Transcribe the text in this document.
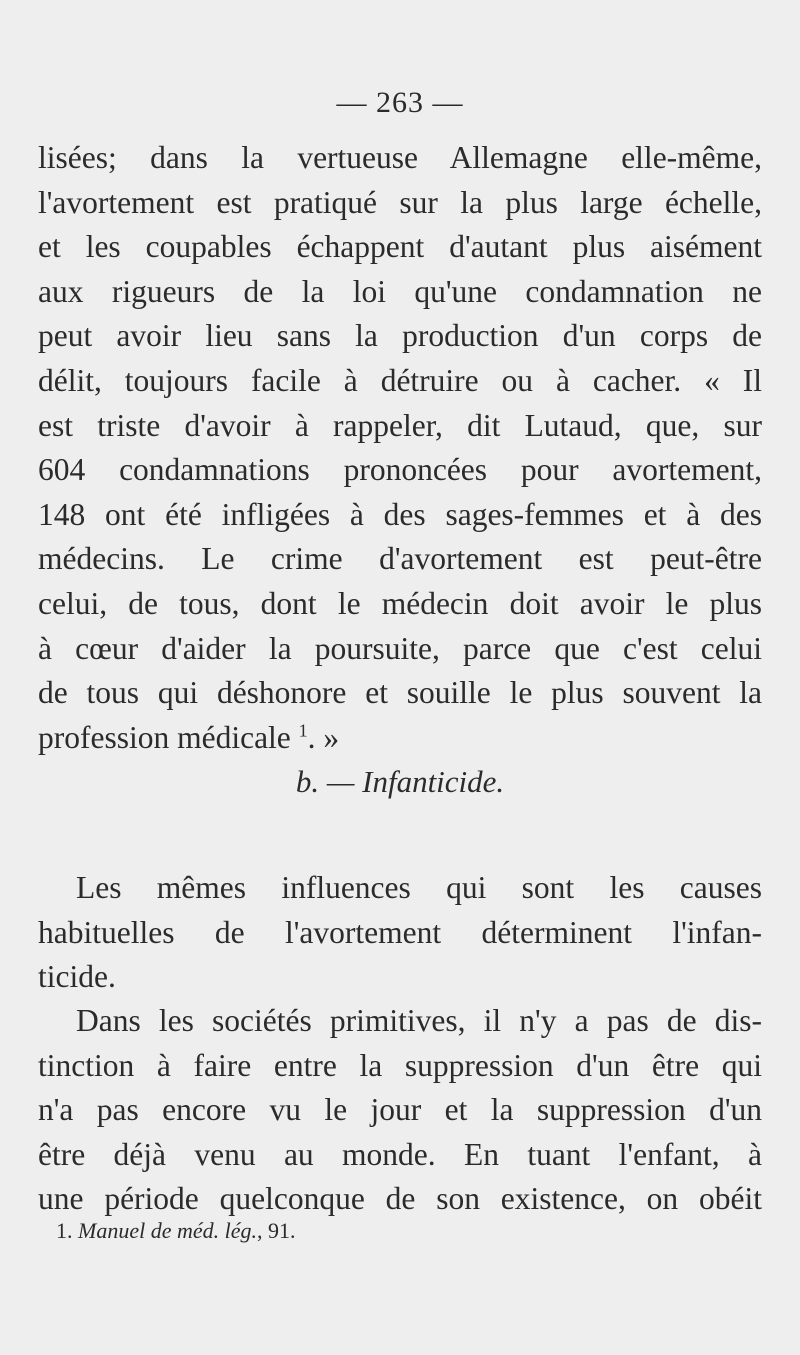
— 263 —
lisées; dans la vertueuse Allemagne elle-même,
l'avortement est pratiqué sur la plus large échelle,
et les coupables échappent d'autant plus aisément
aux rigueurs de la loi qu'une condamnation ne
peut avoir lieu sans la production d'un corps de
délit, toujours facile à détruire ou à cacher. « Il
est triste d'avoir à rappeler, dit Lutaud, que, sur
604 condamnations prononcées pour avortement,
148 ont été infligées à des sages-femmes et à des
médecins. Le crime d'avortement est peut-être
celui, de tous, dont le médecin doit avoir le plus
à cœur d'aider la poursuite, parce que c'est celui
de tous qui déshonore et souille le plus souvent la
profession médicale $^1$. »
b. — Infanticide.
Les mêmes influences qui sont les causes
habituelles de l'avortement déterminent l'infan-
ticide.
Dans les sociétés primitives, il n'y a pas de dis-
tinction à faire entre la suppression d'un être qui
n'a pas encore vu le jour et la suppression d'un
être déjà venu au monde. En tuant l'enfant, à
une période quelconque de son existence, on obéit
1. Manuel de méd. lég., 91.
